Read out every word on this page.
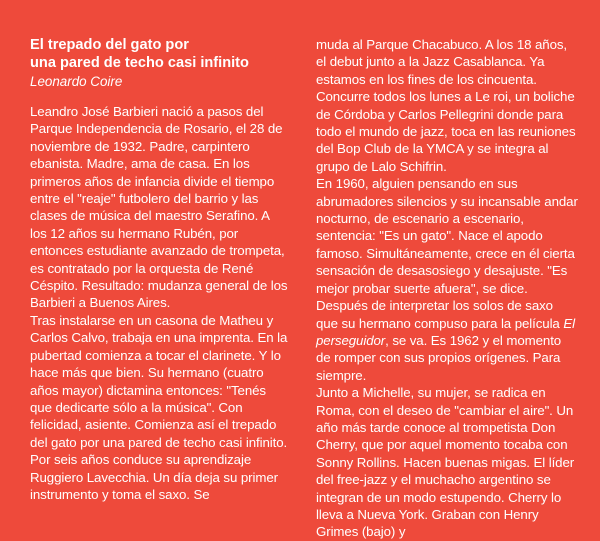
El trepado del gato por
una pared de techo casi infinito
Leonardo Coire

Leandro José Barbieri nació a pasos del Parque Independencia de Rosario, el 28 de noviembre de 1932. Padre, carpintero ebanista. Madre, ama de casa. En los primeros años de infancia divide el tiempo entre el "reaje" futbolero del barrio y las clases de música del maestro Serafino. A los 12 años su hermano Rubén, por entonces estudiante avanzado de trompeta, es contratado por la orquesta de René Céspito. Resultado: mudanza general de los Barbieri a Buenos Aires.

Tras instalarse en un casona de Matheu y Carlos Calvo, trabaja en una imprenta. En la pubertad comienza a tocar el clarinete. Y lo hace más que bien. Su hermano (cuatro años mayor) dictamina entonces: "Tenés que dedicarte sólo a la música". Con felicidad, asiente. Comienza así el trepado del gato por una pared de techo casi infinito.

Por seis años conduce su aprendizaje Ruggiero Lavecchia. Un día deja su primer instrumento y toma el saxo. Se

muda al Parque Chacabuco. A los 18 años, el debut junto a la Jazz Casablanca. Ya estamos en los fines de los cincuenta. Concurre todos los lunes a Le roi, un boliche de Córdoba y Carlos Pellegrini donde para todo el mundo de jazz, toca en las reuniones del Bop Club de la YMCA y se integra al grupo de Lalo Schifrin.

En 1960, alguien pensando en sus abrumadores silencios y su incansable andar nocturno, de escenario a escenario, sentencia: "Es un gato". Nace el apodo famoso. Simultáneamente, crece en él cierta sensación de desasosiego y desajuste. "Es mejor probar suerte afuera", se dice. Después de interpretar los solos de saxo que su hermano compuso para la película El perseguidor, se va. Es 1962 y el momento de romper con sus propios orígenes. Para siempre.

Junto a Michelle, su mujer, se radica en Roma, con el deseo de "cambiar el aire". Un año más tarde conoce al trompetista Don Cherry, que por aquel momento tocaba con Sonny Rollins. Hacen buenas migas. El líder del free-jazz y el muchacho argentino se integran de un modo estupendo. Cherry lo lleva a Nueva York. Graban con Henry Grimes (bajo) y
